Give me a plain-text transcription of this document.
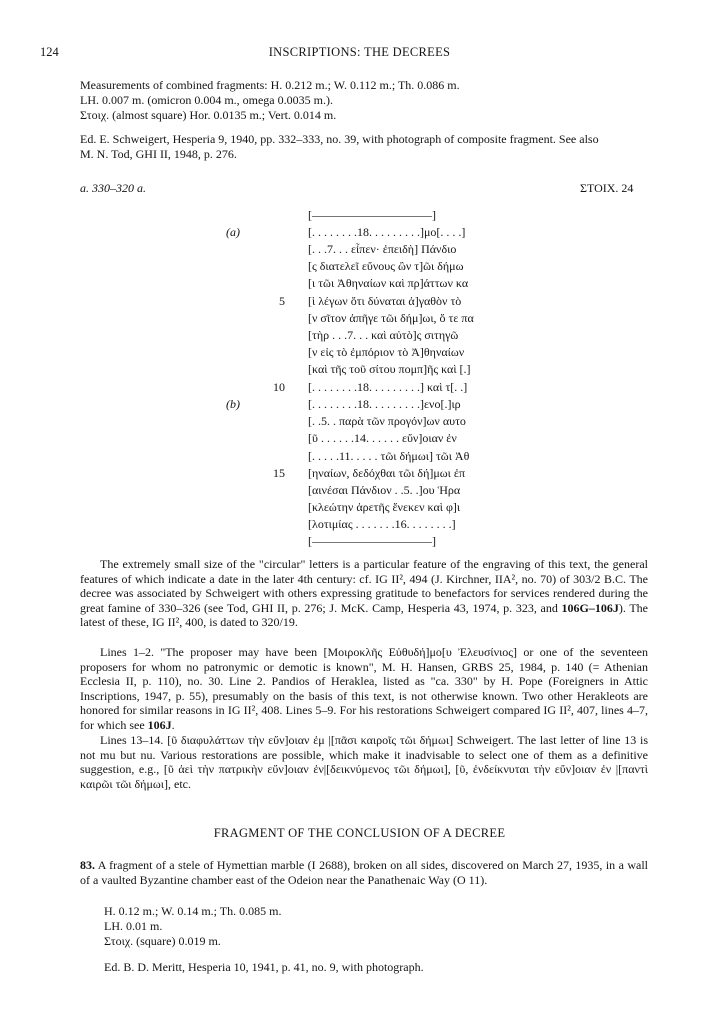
124	INSCRIPTIONS: THE DECREES
Measurements of combined fragments: H. 0.212 m.; W. 0.112 m.; Th. 0.086 m.
LH. 0.007 m. (omicron 0.004 m., omega 0.0035 m.).
Στοιχ. (almost square) Hor. 0.0135 m.; Vert. 0.014 m.
Ed. E. Schweigert, Hesperia 9, 1940, pp. 332–333, no. 39, with photograph of composite fragment. See also
M. N. Tod, GHI II, 1948, p. 276.
a. 330–320 a.	ΣΤΟΙΧ. 24
(a)
(b)
5
10
15
[––––––––––––––––––––]
[. . . . . . . .18. . . . . . . . .]μο[. . . .]
[. . .7. . . εἶπεν· ἐπειδὴ] Πάνδιο
[ς διατελεῖ εὔνους ὢν τ]ῶι δήμω
[ι τῶι Ἀθηναίων καὶ πρ]άττων κα
[ὶ λέγων ὅτι δύναται ἀ]γαθὸν τὸ
[ν σῖτον ἀπῆγε τῶι δήμ]ωι, ὅ τε πα
[τὴρ . . .7. . . καὶ αὐτὸ]ς σιτηγῶ
[ν εἰς τὸ ἐμπόριον τὸ Ἀ]θηναίων
[καὶ τῆς τοῦ σίτου πομπ]ῆς καὶ [.]
[. . . . . . . .18. . . . . . . . .] καὶ τ[. .]
[. . . . . . . .18. . . . . . . . .]ενο[.]ιρ
[. .5. . παρὰ τῶν προγόν]ων αυτο
[ῦ . . . . . .14. . . . . . εὔν]οιαν ἐν
[. . . . .11. . . . . τῶι δήμωι] τῶι Ἀθ
[ηναίων, δεδόχθαι τῶι δή]μωι ἐπ
[αινέσαι Πάνδιον . .5. .]ου Ἡρα
[κλεώτην ἀρετῆς ἕνεκεν καὶ φ]ι
[λοτιμίας . . . . . . .16. . . . . . . .]
[––––––––––––––––––––]

The extremely small size of the "circular" letters is a particular feature of the engraving of this text, the general features of which indicate a date in the later 4th century: cf. IG II², 494 (J. Kirchner, IIA², no. 70) of 303/2 B.C. The decree was associated by Schweigert with others expressing gratitude to benefactors for services rendered during the great famine of 330–326 (see Tod, GHI II, p. 276; J. McK. Camp, Hesperia 43, 1974, p. 323, and 106G–106J). The latest of these, IG II², 400, is dated to 320/19.

Lines 1–2. "The proposer may have been [Μοιροκλῆς Εὐθυδή]μο[υ Ἐλευσίνιος] or one of the seventeen proposers for whom no patronymic or demotic is known", M. H. Hansen, GRBS 25, 1984, p. 140 (= Athenian Ecclesia II, p. 110), no. 30. Line 2. Pandios of Heraklea, listed as "ca. 330" by H. Pope (Foreigners in Attic Inscriptions, 1947, p. 55), presumably on the basis of this text, is not otherwise known. Two other Herakleots are honored for similar reasons in IG II², 408. Lines 5–9. For his restorations Schweigert compared IG II², 407, lines 4–7, for which see 106J.

Lines 13–14. [ῦ διαφυλάττων τὴν εὔν]οιαν ἐμ |[πᾶσι καιροῖς τῶι δήμωι] Schweigert. The last letter of line 13 is not mu but nu. Various restorations are possible, which make it inadvisable to select one of them as a definitive suggestion, e.g., [ῦ ἀεὶ τὴν πατρικὴν εὔν]οιαν ἐν|[δεικνύμενος τῶι δήμωι], [ῦ, ἐνδείκνυται τὴν εὔν]οιαν ἐν |[παντὶ καιρῶι τῶι δήμωι], etc.

FRAGMENT OF THE CONCLUSION OF A DECREE

83. A fragment of a stele of Hymettian marble (I 2688), broken on all sides, discovered on March 27, 1935, in a wall of a vaulted Byzantine chamber east of the Odeion near the Panathenaic Way (O 11).

H. 0.12 m.; W. 0.14 m.; Th. 0.085 m.
LH. 0.01 m.
Στοιχ. (square) 0.019 m.
Ed. B. D. Meritt, Hesperia 10, 1941, p. 41, no. 9, with photograph.
